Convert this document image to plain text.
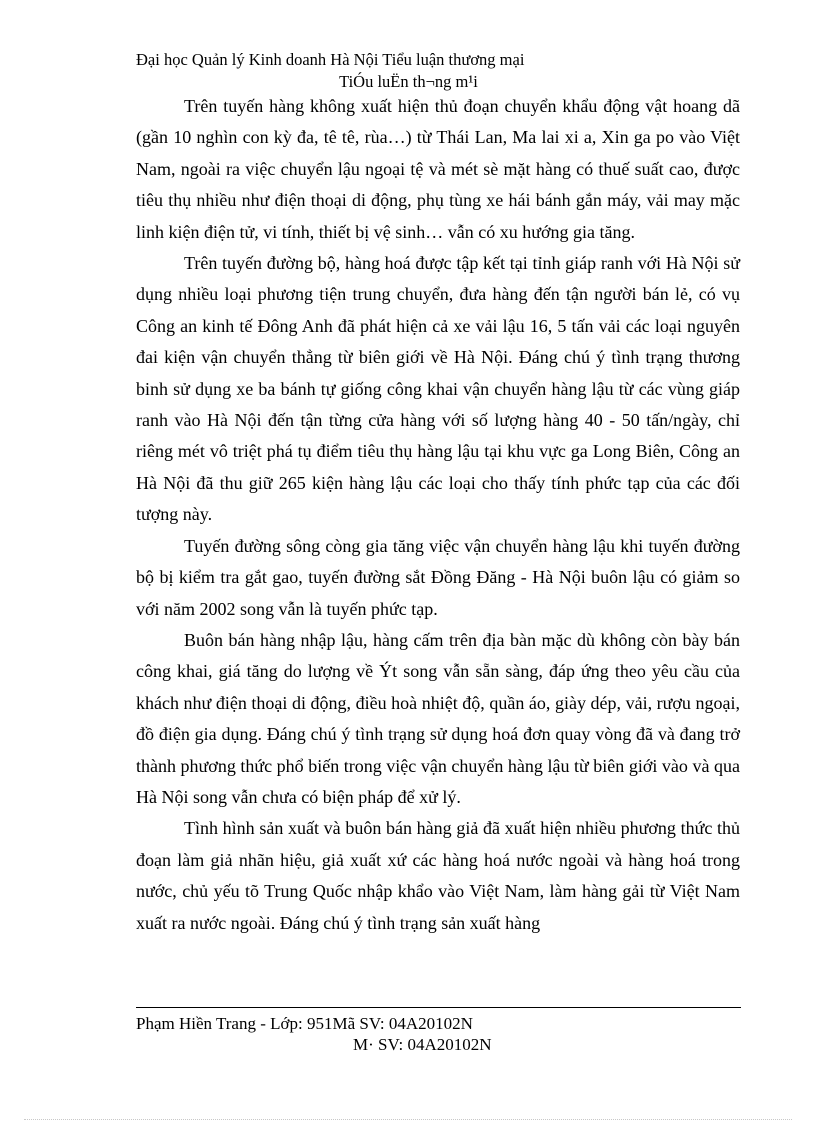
Đại học Quản lý Kinh doanh Hà Nội Tiểu luận thương mại
TiÓu luËn th¬ng m¹i

Trên tuyến hàng không xuất hiện thủ đoạn chuyển khẩu động vật hoang dã (gần 10 nghìn con kỳ đa, tê tê, rùa…) từ Thái Lan, Ma lai xi a, Xin ga po vào Việt Nam, ngoài ra việc chuyển lậu ngoại tệ và mét sè mặt hàng có thuế suất cao, được tiêu thụ nhiều như điện thoại di động, phụ tùng xe hái bánh gắn máy, vải may mặc linh kiện điện tử, vi tính, thiết bị vệ sinh… vẫn có xu hướng gia tăng.

Trên tuyến đường bộ, hàng hoá được tập kết tại tỉnh giáp ranh với Hà Nội sử dụng nhiều loại phương tiện trung chuyển, đưa hàng đến tận người bán lẻ, có vụ Công an kinh tế Đông Anh đã phát hiện cả xe vải lậu 16, 5 tấn vải các loại nguyên đai kiện vận chuyển thẳng từ biên giới về Hà Nội. Đáng chú ý tình trạng thương binh sử dụng xe ba bánh tự giống công khai vận chuyển hàng lậu từ các vùng giáp ranh vào Hà Nội đến tận từng cửa hàng với số lượng hàng 40 - 50 tấn/ngày, chỉ riêng mét vô triệt phá tụ điểm tiêu thụ hàng lậu tại khu vực ga Long Biên, Công an Hà Nội đã thu giữ 265 kiện hàng lậu các loại cho thấy tính phức tạp của các đối tượng này.

Tuyến đường sông còng gia tăng việc vận chuyển hàng lậu khi tuyến đường bộ bị kiểm tra gắt gao, tuyến đường sắt Đồng Đăng - Hà Nội buôn lậu có giảm so với năm 2002 song vẫn là tuyến phức tạp.

Buôn bán hàng nhập lậu, hàng cấm trên địa bàn mặc dù không còn bày bán công khai, giá tăng do lượng về Ýt song vẫn sẵn sàng, đáp ứng theo yêu cầu của khách như điện thoại di động, điều hoà nhiệt độ, quần áo, giày dép, vải, rượu ngoại, đồ điện gia dụng. Đáng chú ý tình trạng sử dụng hoá đơn quay vòng đã và đang trở thành phương thức phổ biến trong việc vận chuyển hàng lậu từ biên giới vào và qua Hà Nội song vẫn chưa có biện pháp để xử lý.

Tình hình sản xuất và buôn bán hàng giả đã xuất hiện nhiều phương thức thủ đoạn làm giả nhãn hiệu, giả xuất xứ các hàng hoá nước ngoài và hàng hoá trong nước, chủ yếu tõ Trung Quốc nhập khẩo vào Việt Nam, làm hàng gải từ Việt Nam xuất ra nước ngoài. Đáng chú ý tình trạng sản xuất hàng

Phạm Hiền Trang - Lớp: 951Mã SV: 04A20102N
M· SV: 04A20102N
